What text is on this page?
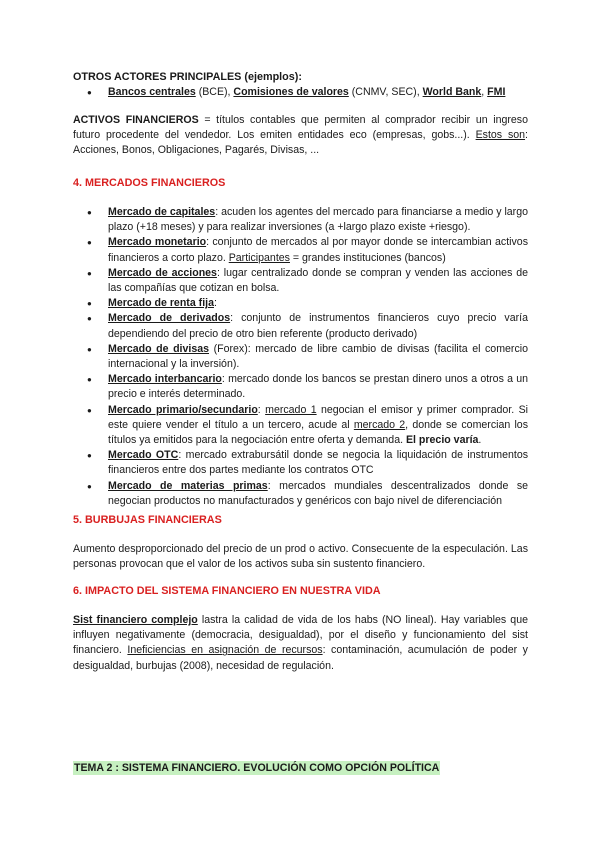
OTROS ACTORES PRINCIPALES (ejemplos):
● Bancos centrales (BCE), Comisiones de valores (CNMV, SEC), World Bank, FMI

ACTIVOS FINANCIEROS = títulos contables que permiten al comprador recibir un ingreso futuro procedente del vendedor. Los emiten entidades eco (empresas, gobs...). Estos son: Acciones, Bonos, Obligaciones, Pagarés, Divisas, ...

4. MERCADOS FINANCIEROS
● Mercado de capitales: acuden los agentes del mercado para financiarse a medio y largo plazo (+18 meses) y para realizar inversiones (a +largo plazo existe +riesgo).
● Mercado monetario: conjunto de mercados al por mayor donde se intercambian activos financieros a corto plazo. Participantes = grandes instituciones (bancos)
● Mercado de acciones: lugar centralizado donde se compran y venden las acciones de las compañías que cotizan en bolsa.
● Mercado de renta fija:
● Mercado de derivados: conjunto de instrumentos financieros cuyo precio varía dependiendo del precio de otro bien referente (producto derivado)
● Mercado de divisas (Forex): mercado de libre cambio de divisas (facilita el comercio internacional y la inversión).
● Mercado interbancario: mercado donde los bancos se prestan dinero unos a otros a un precio e interés determinado.
● Mercado primario/secundario: mercado 1 negocian el emisor y primer comprador. Si este quiere vender el título a un tercero, acude al mercado 2, donde se comercian los títulos ya emitidos para la negociación entre oferta y demanda. El precio varía.
● Mercado OTC: mercado extrabursátil donde se negocia la liquidación de instrumentos financieros entre dos partes mediante los contratos OTC
● Mercado de materias primas: mercados mundiales descentralizados donde se negocian productos no manufacturados y genéricos con bajo nivel de diferenciación
5. BURBUJAS FINANCIERAS

Aumento desproporcionado del precio de un prod o activo. Consecuente de la especulación. Las personas provocan que el valor de los activos suba sin sustento financiero.

6. IMPACTO DEL SISTEMA FINANCIERO EN NUESTRA VIDA

Sist financiero complejo lastra la calidad de vida de los habs (NO lineal). Hay variables que influyen negativamente (democracia, desigualdad), por el diseño y funcionamiento del sist financiero. Ineficiencias en asignación de recursos: contaminación, acumulación de poder y desigualdad, burbujas (2008), necesidad de regulación.

TEMA 2 : SISTEMA FINANCIERO. EVOLUCIÓN COMO OPCIÓN POLÍTICA
